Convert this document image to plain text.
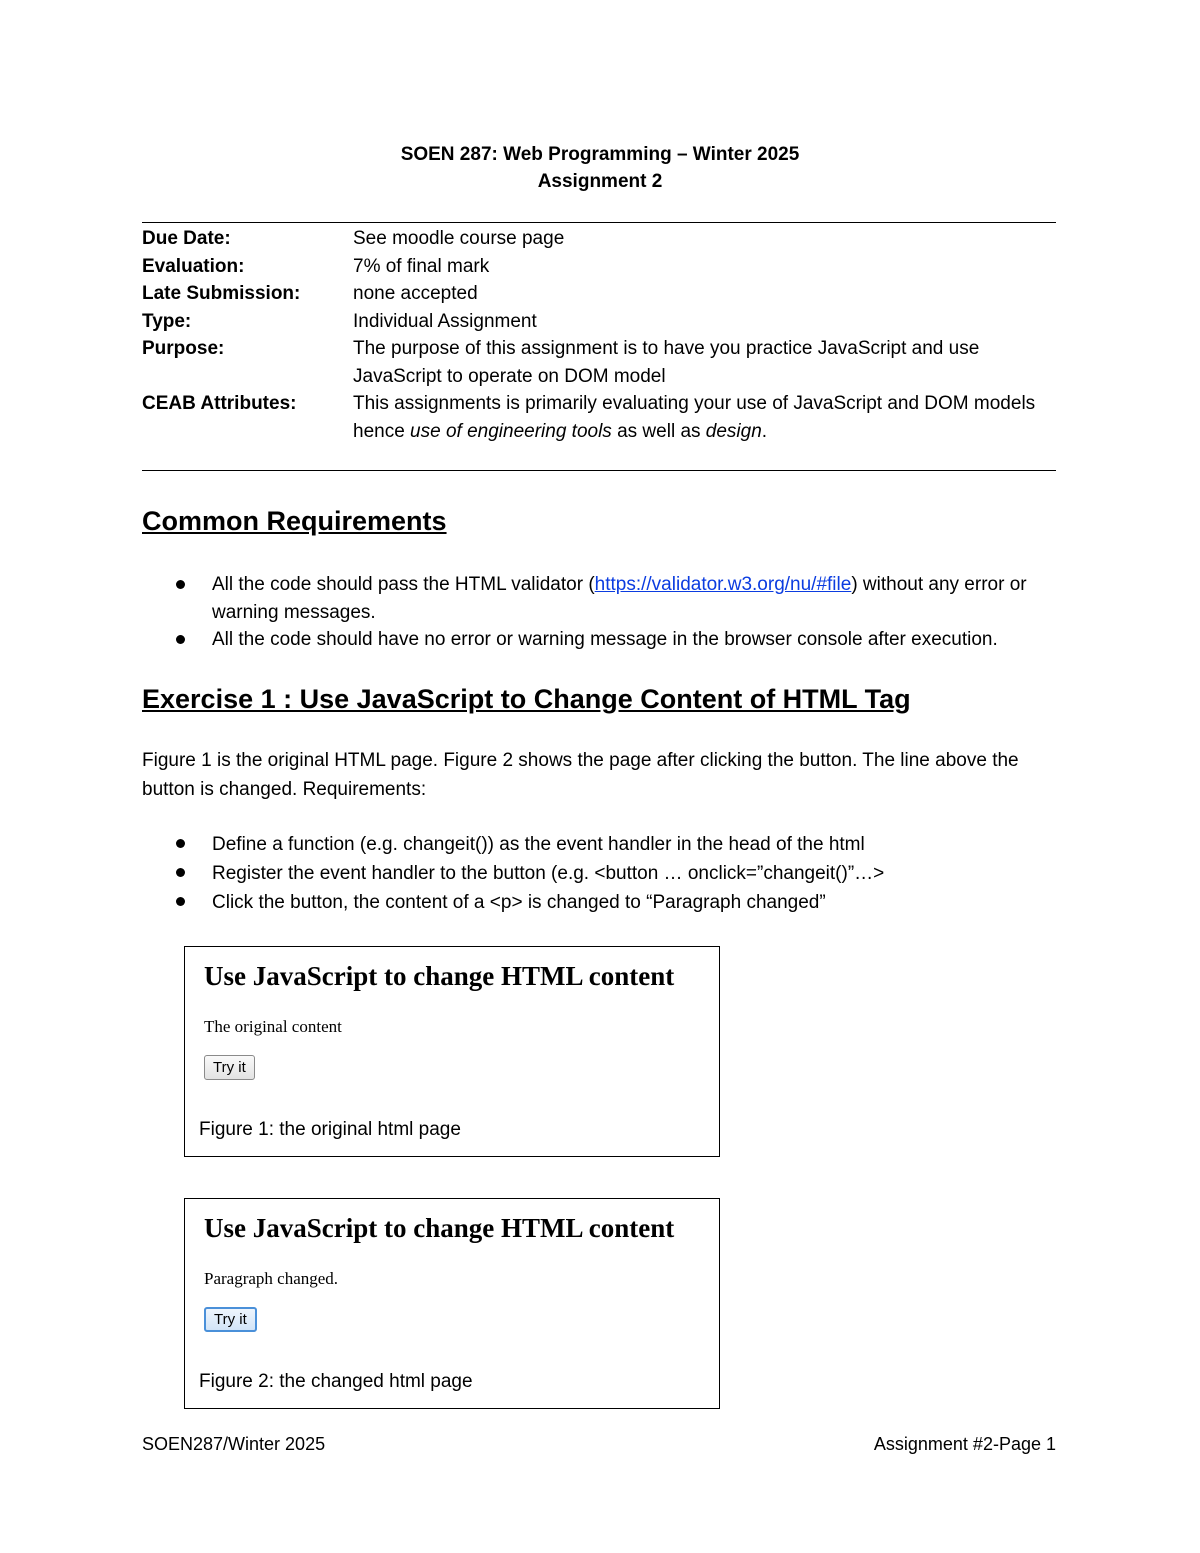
SOEN 287: Web Programming – Winter 2025
Assignment 2
Due Date:	See moodle course page
Evaluation:	7% of final mark
Late Submission:	none accepted
Type:	Individual Assignment
Purpose:	The purpose of this assignment is to have you practice JavaScript and use JavaScript to operate on DOM model
CEAB Attributes:	This assignments is primarily evaluating your use of JavaScript and DOM models hence use of engineering tools as well as design.
Common Requirements
All the code should pass the HTML validator (https://validator.w3.org/nu/#file) without any error or warning messages.
All the code should have no error or warning message in the browser console after execution.
Exercise 1 : Use JavaScript to Change Content of HTML Tag

Figure 1 is the original HTML page. Figure 2 shows the page after clicking the button. The line above the button is changed. Requirements:

Define a function (e.g. changeit()) as the event handler in the head of the html
Register the event handler to the button (e.g. <button … onclick=”changeit()”…>
Click the button, the content of a <p> is changed to “Paragraph changed”
Use JavaScript to change HTML content
The original content
Try it
Figure 1: the original html page
Use JavaScript to change HTML content
Paragraph changed.
Try it
Figure 2: the changed html page
SOEN287/Winter 2025	Assignment #2-Page 1
